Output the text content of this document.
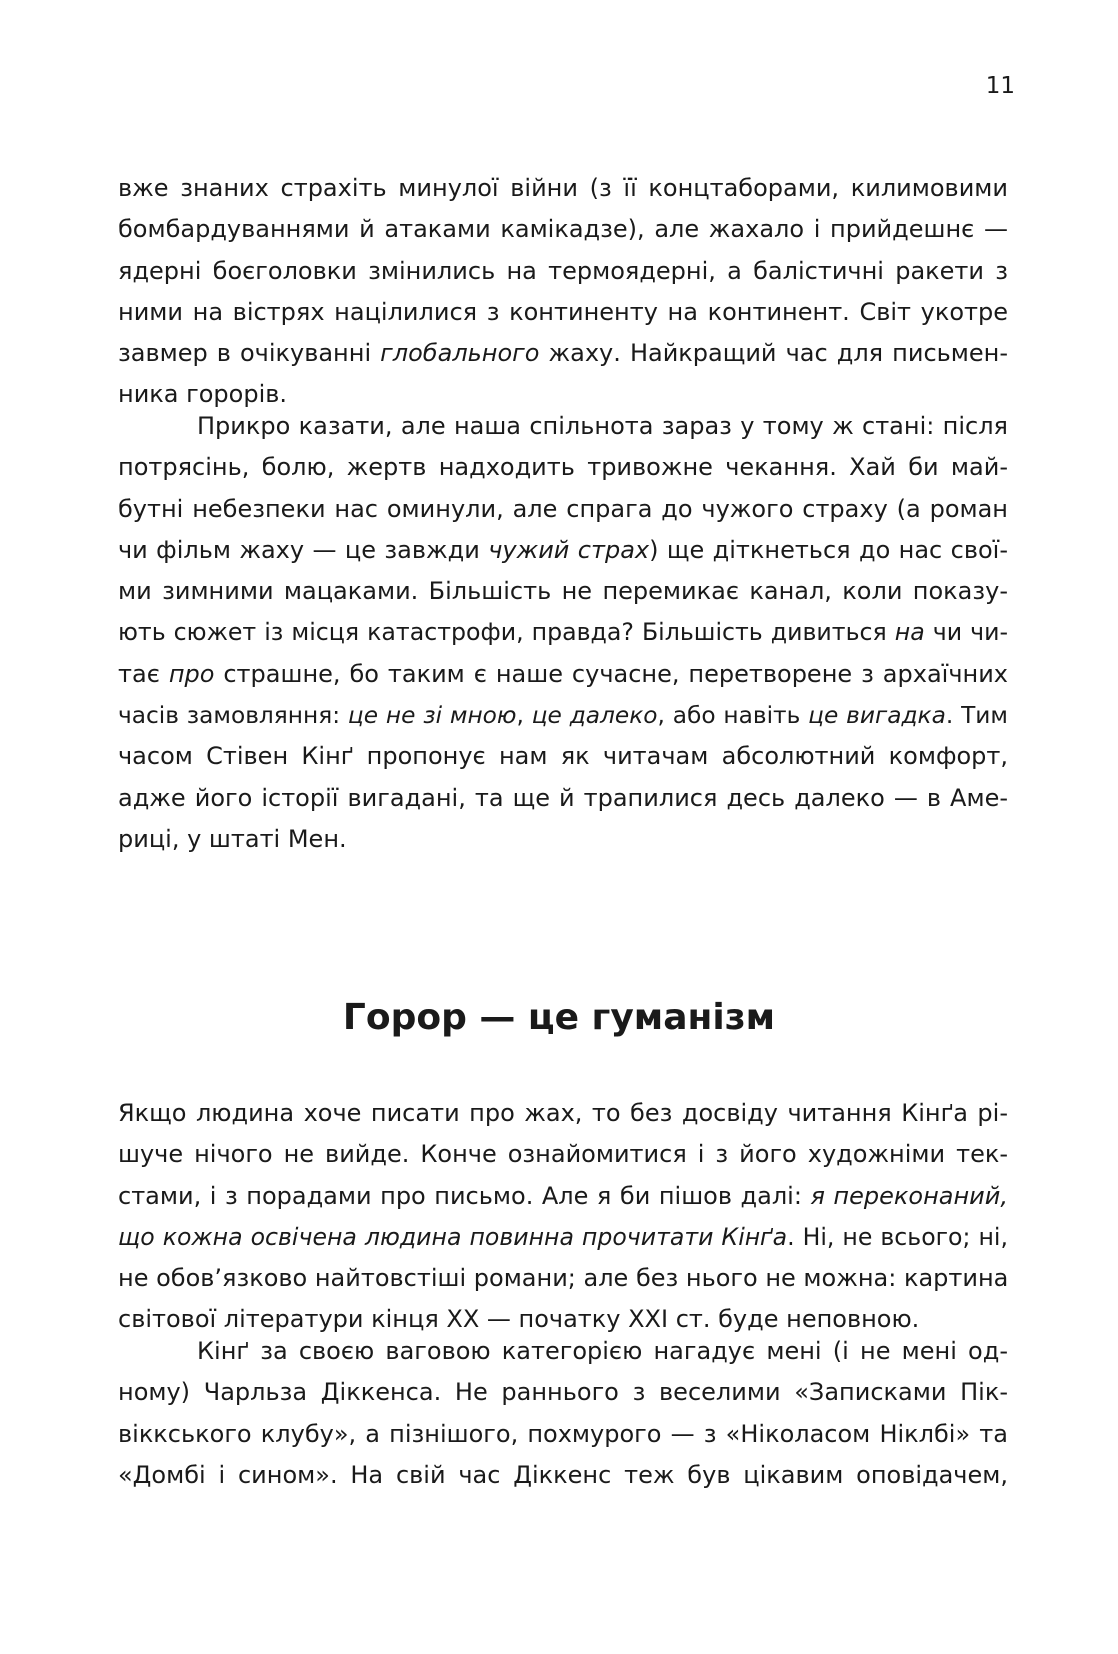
11
вже знаних страхіть минулої війни (з її концтаборами, килимовими
бомбардуваннями й атаками камікадзе), але жахало і прийдешнє —
ядерні боєголовки змінились на термоядерні, а балістичні ракети з
ними на вістрях націлилися з континенту на континент. Світ укотре
завмер в очікуванні глобального жаху. Найкращий час для письмен-
ника горорів.
Прикро казати, але наша спільнота зараз у тому ж стані: після
потрясінь, болю, жертв надходить тривожне чекання. Хай би май-
бутні небезпеки нас оминули, але спрага до чужого страху (а роман
чи фільм жаху — це завжди чужий страх) ще діткнеться до нас свої-
ми зимними мацаками. Більшість не перемикає канал, коли показу-
ють сюжет із місця катастрофи, правда? Більшість дивиться на чи чи-
тає про страшне, бо таким є наше сучасне, перетворене з архаїчних
часів замовляння: це не зі мною, це далеко, або навіть це вигадка. Тим
часом Стівен Кінґ пропонує нам як читачам абсолютний комфорт,
адже його історії вигадані, та ще й трапилися десь далеко — в Аме-
риці, у штаті Мен.
Горор — це гуманізм
Якщо людина хоче писати про жах, то без досвіду читання Кінґа рі-
шуче нічого не вийде. Конче ознайомитися і з його художніми тек-
стами, і з порадами про письмо. Але я би пішов далі: я переконаний,
що кожна освічена людина повинна прочитати Кінґа. Ні, не всього; ні,
не обов’язково найтовстіші романи; але без нього не можна: картина
світової літератури кінця XX — початку XXI ст. буде неповною.
Кінґ за своєю ваговою категорією нагадує мені (і не мені од-
ному) Чарльза Діккенса. Не раннього з веселими «Записками Пік-
віккського клубу», а пізнішого, похмурого — з «Ніколасом Ніклбі» та
«Домбі і сином». На свій час Діккенс теж був цікавим оповідачем,
